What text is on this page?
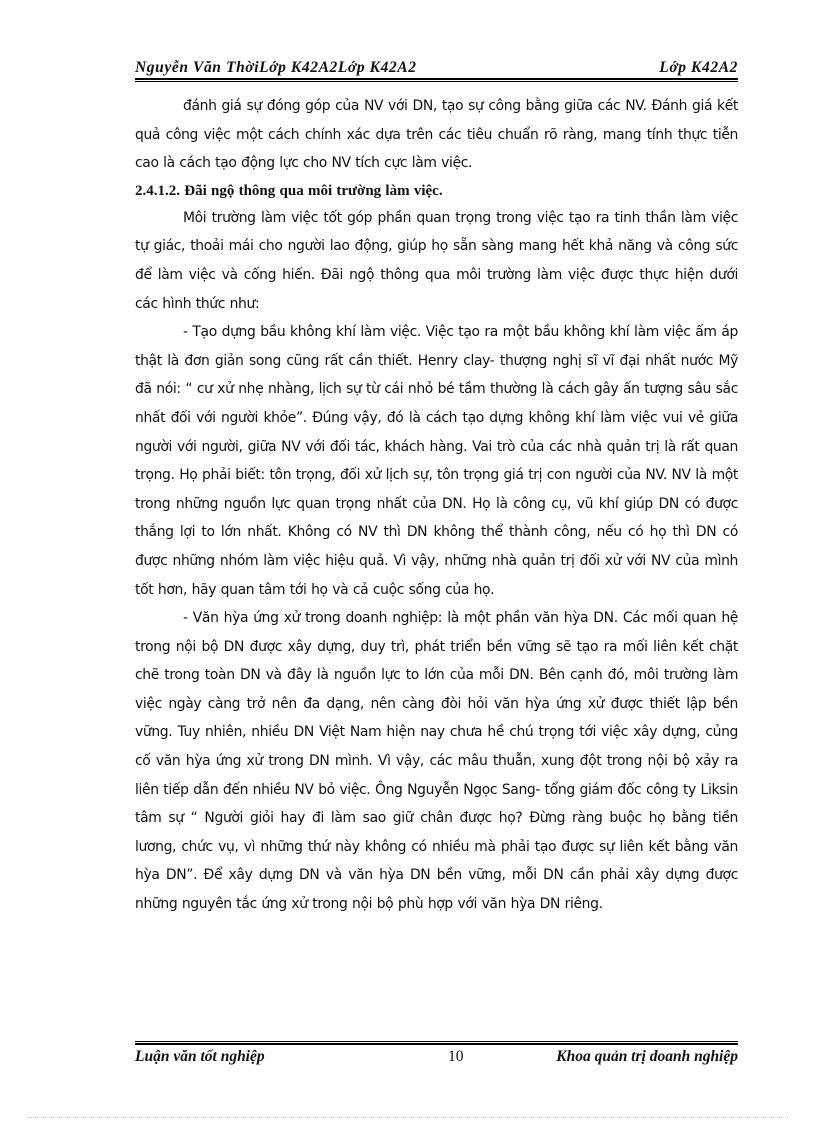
Nguyễn Văn ThờiLớp K42A2Lớp K42A2	Lớp K42A2

đánh giá sự đóng góp của NV với DN, tạo sự công bằng giữa các NV. Đánh giá kết quả công việc một cách chính xác dựa trên các tiêu chuẩn rõ ràng, mang tính thực tiễn cao là cách tạo động lực cho NV tích cực làm việc.

2.4.1.2. Đãi ngộ thông qua môi trường làm việc.

Môi trường làm việc tốt góp phần quan trọng trong việc tạo ra tinh thần làm việc tự giác, thoải mái cho người lao động, giúp họ sẵn sàng mang hết khả năng và công sức để làm việc và cống hiến. Đãi ngộ thông qua môi trường làm việc được thực hiện dưới các hình thức như:

- Tạo dựng bầu không khí làm việc. Việc tạo ra một bầu không khí làm việc ấm áp thật là đơn giản song cũng rất cần thiết. Henry clay- thượng nghị sĩ vĩ đại nhất nước Mỹ đã nói: “ cư xử nhẹ nhàng, lịch sự từ cái nhỏ bé tầm thường là cách gây ấn tượng sâu sắc nhất đối với người khỏe”. Đúng vậy, đó là cách tạo dựng không khí làm việc vui vẻ giữa người với người, giữa NV với đối tác, khách hàng. Vai trò của các nhà quản trị là rất quan trọng. Họ phải biết: tôn trọng, đối xử lịch sự, tôn trọng giá trị con người của NV. NV là một trong những nguồn lực quan trọng nhất của DN. Họ là công cụ, vũ khí giúp DN có được thắng lợi to lớn nhất. Không có NV thì DN không thể thành công, nếu có họ thì DN có được những nhóm làm việc hiệu quả. Vì vậy, những nhà quản trị đối xử với NV của mình tốt hơn, hãy quan tâm tới họ và cả cuộc sống của họ.

- Văn hỳa ứng xử trong doanh nghiệp: là một phần văn hỳa DN. Các mối quan hệ trong nội bộ DN được xây dựng, duy trì, phát triển bền vững sẽ tạo ra mối liên kết chặt chẽ trong toàn DN và đây là nguồn lực to lớn của mỗi DN. Bên cạnh đó, môi trường làm việc ngày càng trở nên đa dạng, nên càng đòi hỏi văn hỳa ứng xử được thiết lập bền vững. Tuy nhiên, nhiều DN Việt Nam hiện nay chưa hề chú trọng tới việc xây dựng, củng cố văn hỳa ứng xử trong DN mình. Vì vậy, các mâu thuẫn, xung đột trong nội bộ xảy ra liên tiếp dẫn đến nhiều NV bỏ việc. Ông Nguyễn Ngọc Sang- tổng giám đốc công ty Liksin tâm sự “ Người giỏi hay đi làm sao giữ chân được họ? Đừng ràng buộc họ bằng tiền lương, chức vụ, vì những thứ này không có nhiều mà phải tạo được sự liên kết bằng văn hỳa DN”. Để xây dựng DN và văn hỳa DN bền vững, mỗi DN cần phải xây dựng được những nguyên tắc ứng xử trong nội bộ phù hợp với văn hỳa DN riêng.

Luận văn tốt nghiệp	10	Khoa quản trị doanh nghiệp
